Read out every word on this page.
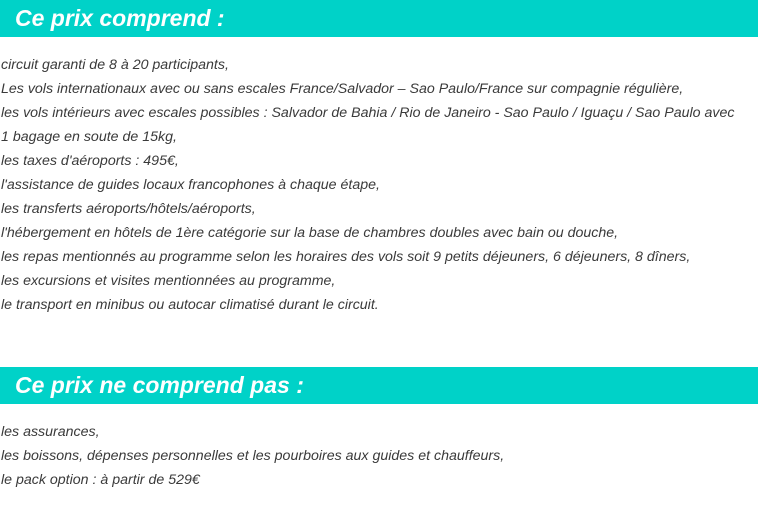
Ce prix comprend :
circuit garanti de 8 à 20 participants,
Les vols internationaux avec ou sans escales France/Salvador – Sao Paulo/France sur compagnie régulière,
les vols intérieurs avec escales possibles : Salvador de Bahia / Rio de Janeiro - Sao Paulo / Iguaçu / Sao Paulo avec 1 bagage en soute de 15kg,
les taxes d'aéroports : 495€,
l'assistance de guides locaux francophones à chaque étape,
les transferts aéroports/hôtels/aéroports,
l'hébergement en hôtels de 1ère catégorie sur la base de chambres doubles avec bain ou douche,
les repas mentionnés au programme selon les horaires des vols soit 9 petits déjeuners, 6 déjeuners, 8 dîners,
les excursions et visites mentionnées au programme,
le transport en minibus ou autocar climatisé durant le circuit.
Ce prix ne comprend pas :
les assurances,
les boissons, dépenses personnelles et les pourboires aux guides et chauffeurs,
le pack option : à partir de 529€
